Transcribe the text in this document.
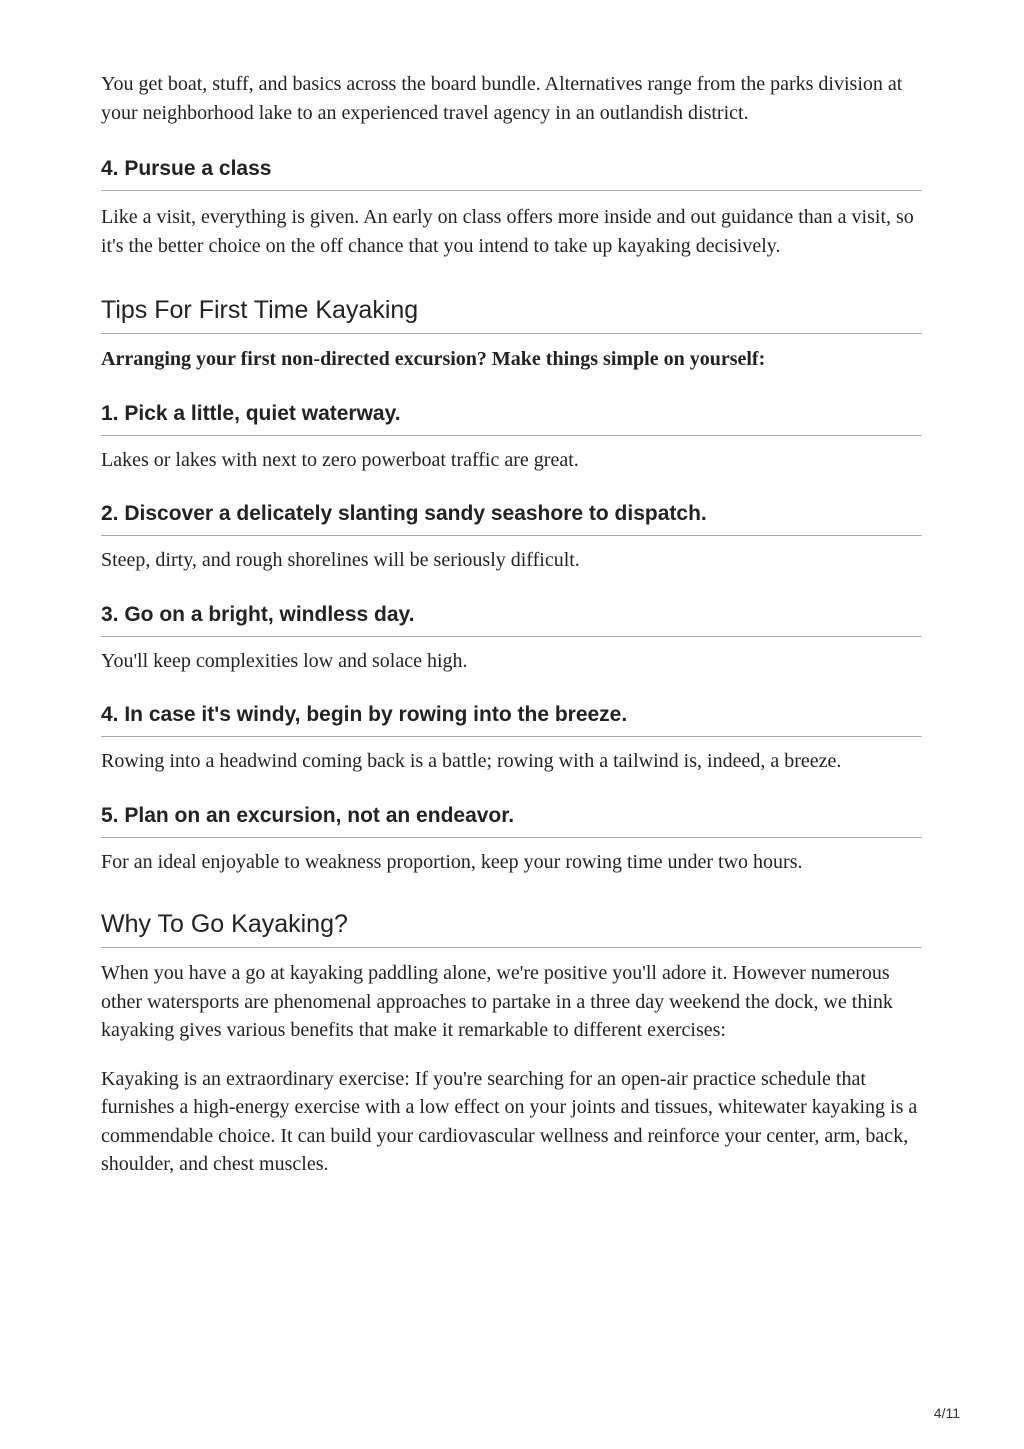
You get boat, stuff, and basics across the board bundle. Alternatives range from the parks division at your neighborhood lake to an experienced travel agency in an outlandish district.

4. Pursue a class

Like a visit, everything is given. An early on class offers more inside and out guidance than a visit, so it's the better choice on the off chance that you intend to take up kayaking decisively.

Tips For First Time Kayaking

Arranging your first non-directed excursion? Make things simple on yourself:

1. Pick a little, quiet waterway.

Lakes or lakes with next to zero powerboat traffic are great.

2. Discover a delicately slanting sandy seashore to dispatch.

Steep, dirty, and rough shorelines will be seriously difficult.

3. Go on a bright, windless day.

You'll keep complexities low and solace high.

4. In case it's windy, begin by rowing into the breeze.

Rowing into a headwind coming back is a battle; rowing with a tailwind is, indeed, a breeze.

5. Plan on an excursion, not an endeavor.

For an ideal enjoyable to weakness proportion, keep your rowing time under two hours.

Why To Go Kayaking?

When you have a go at kayaking paddling alone, we're positive you'll adore it. However numerous other watersports are phenomenal approaches to partake in a three day weekend the dock, we think kayaking gives various benefits that make it remarkable to different exercises:

Kayaking is an extraordinary exercise: If you're searching for an open-air practice schedule that furnishes a high-energy exercise with a low effect on your joints and tissues, whitewater kayaking is a commendable choice. It can build your cardiovascular wellness and reinforce your center, arm, back, shoulder, and chest muscles.

4/11
